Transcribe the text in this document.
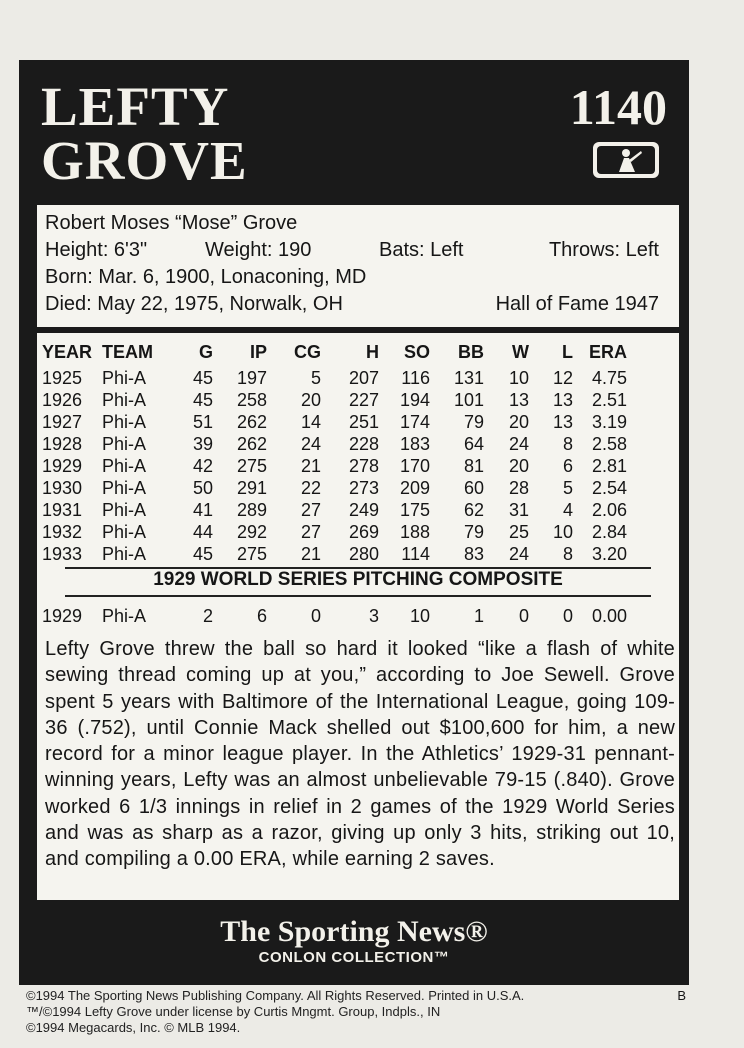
LEFTY
GROVE
1140
Robert Moses “Mose” Grove
Height: 6'3"	Weight: 190	Bats: Left	Throws: Left
Born: Mar. 6, 1900, Lonaconing, MD
Died: May 22, 1975, Norwalk, OH	Hall of Fame 1947
YEAR	TEAM	G	IP	CG	H	SO	BB	W	L	ERA
1925	Phi-A	45	197	5	207	116	131	10	12	4.75
1926	Phi-A	45	258	20	227	194	101	13	13	2.51
1927	Phi-A	51	262	14	251	174	79	20	13	3.19
1928	Phi-A	39	262	24	228	183	64	24	8	2.58
1929	Phi-A	42	275	21	278	170	81	20	6	2.81
1930	Phi-A	50	291	22	273	209	60	28	5	2.54
1931	Phi-A	41	289	27	249	175	62	31	4	2.06
1932	Phi-A	44	292	27	269	188	79	25	10	2.84
1933	Phi-A	45	275	21	280	114	83	24	8	3.20
1929 WORLD SERIES PITCHING COMPOSITE
1929	Phi-A	2	6	0	3	10	1	0	0	0.00
Lefty Grove threw the ball so hard it looked “like a flash of white sewing thread coming up at you,” according to Joe Sewell. Grove spent 5 years with Baltimore of the International League, going 109-36 (.752), until Connie Mack shelled out $100,600 for him, a new record for a minor league player. In the Athletics’ 1929-31 pennant-winning years, Lefty was an almost unbelievable 79-15 (.840). Grove worked 6 1/3 innings in relief in 2 games of the 1929 World Series and was as sharp as a razor, giving up only 3 hits, striking out 10, and compiling a 0.00 ERA, while earning 2 saves.
The Sporting News®
CONLON COLLECTION™
©1994 The Sporting News Publishing Company. All Rights Reserved. Printed in U.S.A.
™/©1994 Lefty Grove under license by Curtis Mngmt. Group, Indpls., IN
©1994 Megacards, Inc. © MLB 1994.
B
